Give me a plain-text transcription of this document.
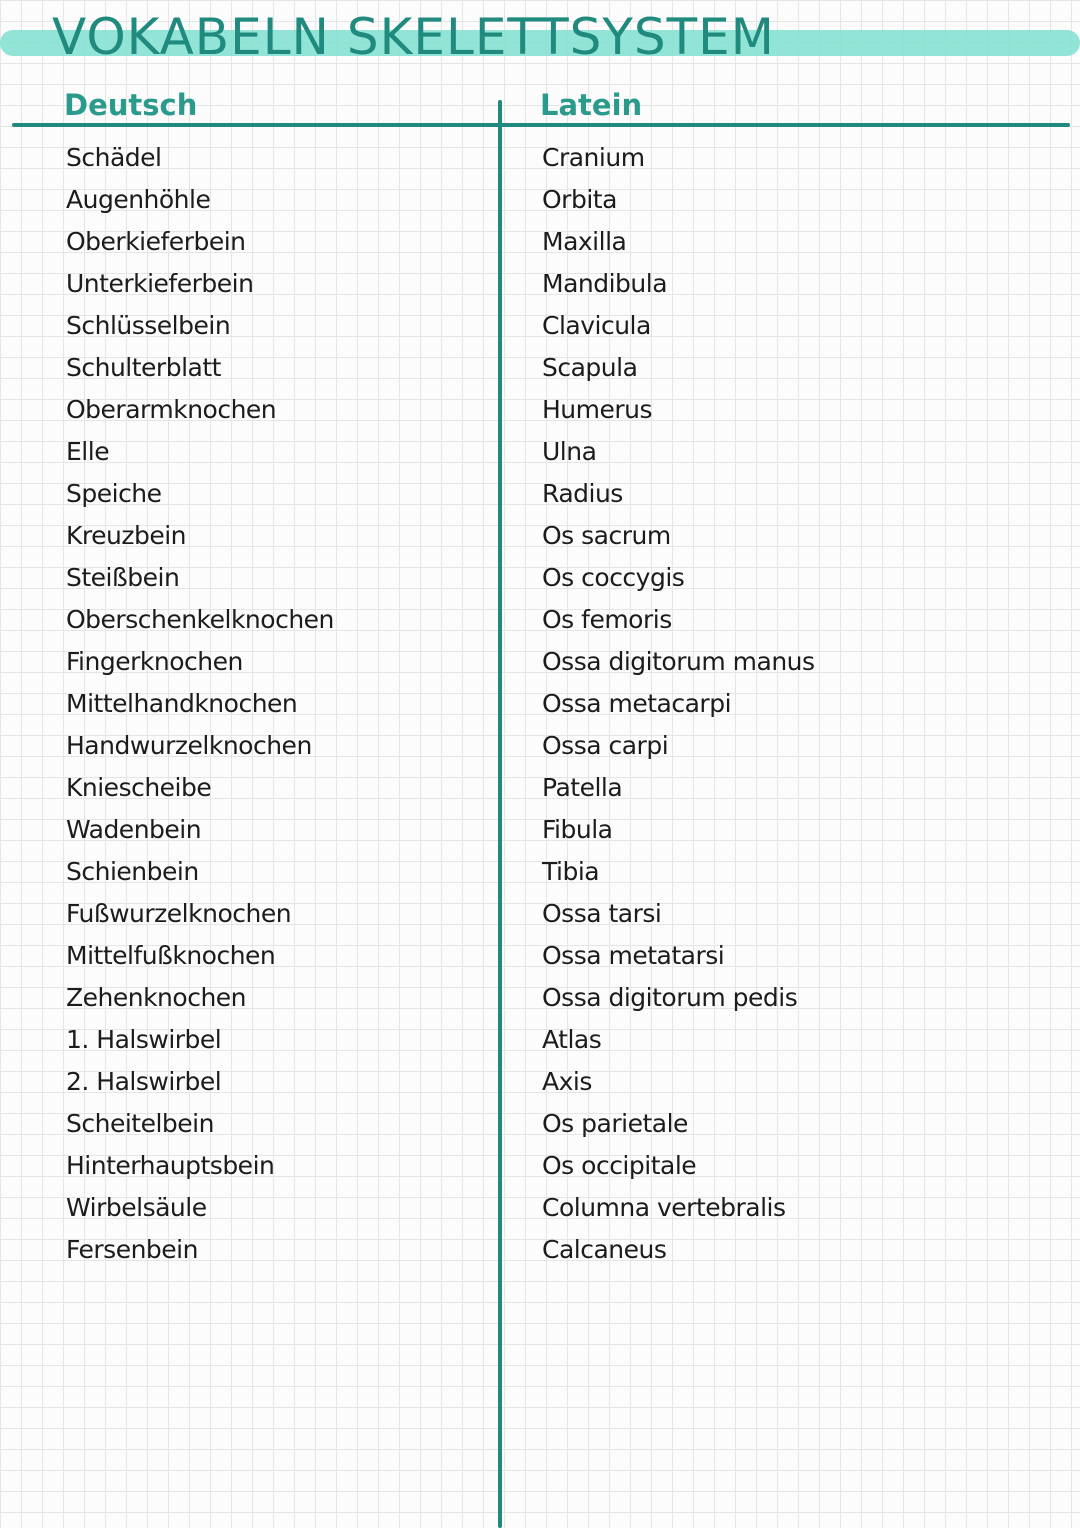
VOKABELN SKELETTSYSTEM
Deutsch	Latein
Schädel	Cranium
Augenhöhle	Orbita
Oberkieferbein	Maxilla
Unterkieferbein	Mandibula
Schlüsselbein	Clavicula
Schulterblatt	Scapula
Oberarmknochen	Humerus
Elle	Ulna
Speiche	Radius
Kreuzbein	Os sacrum
Steißbein	Os coccygis
Oberschenkelknochen	Os femoris
Fingerknochen	Ossa digitorum manus
Mittelhandknochen	Ossa metacarpi
Handwurzelknochen	Ossa carpi
Kniescheibe	Patella
Wadenbein	Fibula
Schienbein	Tibia
Fußwurzelknochen	Ossa tarsi
Mittelfußknochen	Ossa metatarsi
Zehenknochen	Ossa digitorum pedis
1. Halswirbel	Atlas
2. Halswirbel	Axis
Scheitelbein	Os parietale
Hinterhauptsbein	Os occipitale
Wirbelsäule	Columna vertebralis
Fersenbein	Calcaneus
